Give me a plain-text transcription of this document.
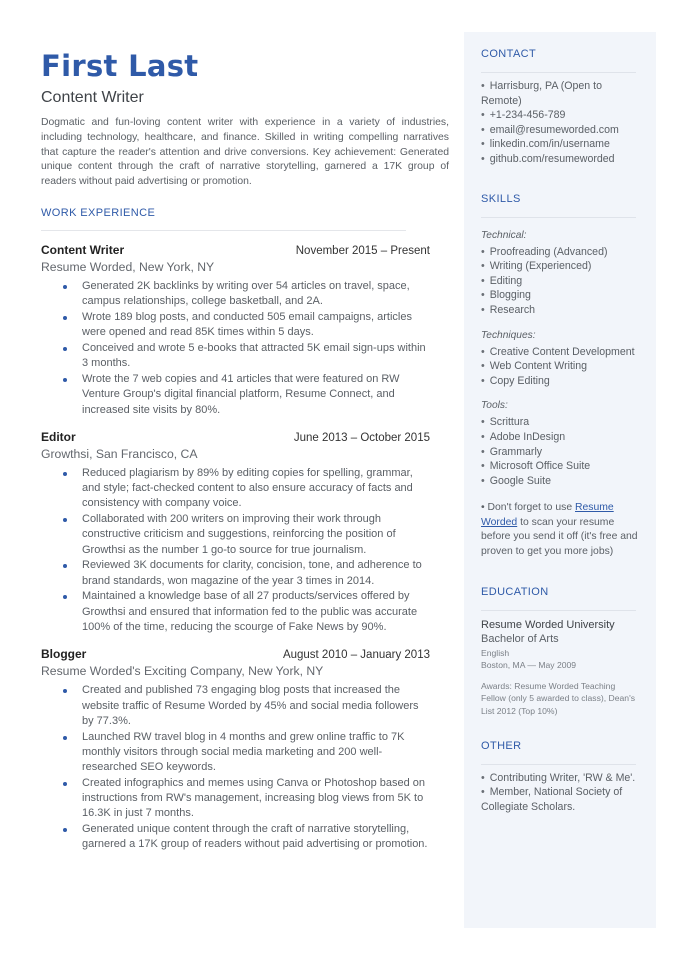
First Last
Content Writer
Dogmatic and fun-loving content writer with experience in a variety of industries, including technology, healthcare, and finance. Skilled in writing compelling narratives that capture the reader's attention and drive conversions. Key achievement: Generated unique content through the craft of narrative storytelling, garnered a 17K group of readers without paid advertising or promotion.
WORK EXPERIENCE
Content Writer	November 2015 – Present
Resume Worded, New York, NY
Generated 2K backlinks by writing over 54 articles on travel, space, campus relationships, college basketball, and 2A.
Wrote 189 blog posts, and conducted 505 email campaigns, articles were opened and read 85K times within 5 days.
Conceived and wrote 5 e-books that attracted 5K email sign-ups within 3 months.
Wrote the 7 web copies and 41 articles that were featured on RW Venture Group's digital financial platform, Resume Connect, and increased site visits by 80%.
Editor	June 2013 – October 2015
Growthsi, San Francisco, CA
Reduced plagiarism by 89% by editing copies for spelling, grammar, and style; fact-checked content to also ensure accuracy of facts and consistency with company voice.
Collaborated with 200 writers on improving their work through constructive criticism and suggestions, reinforcing the position of Growthsi as the number 1 go-to source for true journalism.
Reviewed 3K documents for clarity, concision, tone, and adherence to brand standards, won magazine of the year 3 times in 2014.
Maintained a knowledge base of all 27 products/services offered by Growthsi and ensured that information fed to the public was accurate 100% of the time, reducing the scourge of Fake News by 90%.
Blogger	August 2010 – January 2013
Resume Worded's Exciting Company, New York, NY
Created and published 73 engaging blog posts that increased the website traffic of Resume Worded by 45% and social media followers by 77.3%.
Launched RW travel blog in 4 months and grew online traffic to 7K monthly visitors through social media marketing and 200 well-researched SEO keywords.
Created infographics and memes using Canva or Photoshop based on instructions from RW's management, increasing blog views from 5K to 16.3K in just 7 months.
Generated unique content through the craft of narrative storytelling, garnered a 17K group of readers without paid advertising or promotion.
CONTACT
• Harrisburg, PA (Open to Remote)
• +1-234-456-789
• email@resumeworded.com
• linkedin.com/in/username
• github.com/resumeworded
SKILLS
Technical:
• Proofreading (Advanced)
• Writing (Experienced)
• Editing
• Blogging
• Research
Techniques:
• Creative Content Development
• Web Content Writing
• Copy Editing
Tools:
• Scrittura
• Adobe InDesign
• Grammarly
• Microsoft Office Suite
• Google Suite
• Don't forget to use Resume Worded to scan your resume before you send it off (it's free and proven to get you more jobs)
EDUCATION
Resume Worded University
Bachelor of Arts
English
Boston, MA — May 2009
Awards: Resume Worded Teaching Fellow (only 5 awarded to class), Dean's List 2012 (Top 10%)
OTHER
• Contributing Writer, 'RW & Me'.
• Member, National Society of Collegiate Scholars.
